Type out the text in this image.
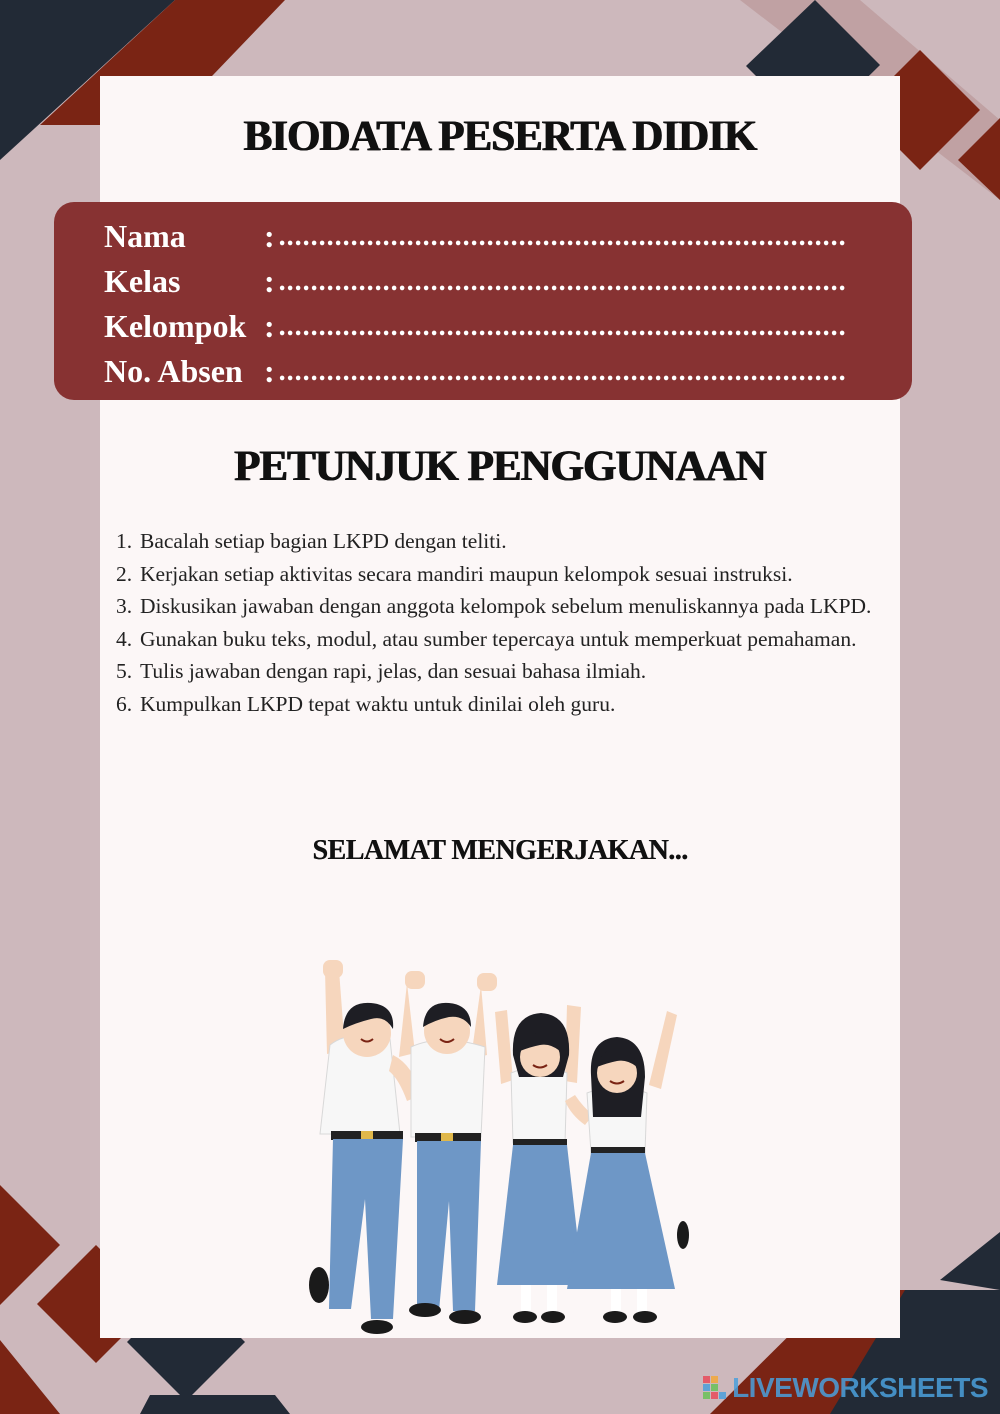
BIODATA PESERTA DIDIK
Nama	: .......................................................................
Kelas	: .......................................................................
Kelompok : .......................................................................
No. Absen : .......................................................................
PETUNJUK PENGGUNAAN
1. Bacalah setiap bagian LKPD dengan teliti.
2. Kerjakan setiap aktivitas secara mandiri maupun kelompok sesuai instruksi.
3. Diskusikan jawaban dengan anggota kelompok sebelum menuliskannya pada LKPD.
4. Gunakan buku teks, modul, atau sumber tepercaya untuk memperkuat pemahaman.
5. Tulis jawaban dengan rapi, jelas, dan sesuai bahasa ilmiah.
6. Kumpulkan LKPD tepat waktu untuk dinilai oleh guru.
SELAMAT MENGERJAKAN...
LIVEWORKSHEETS
